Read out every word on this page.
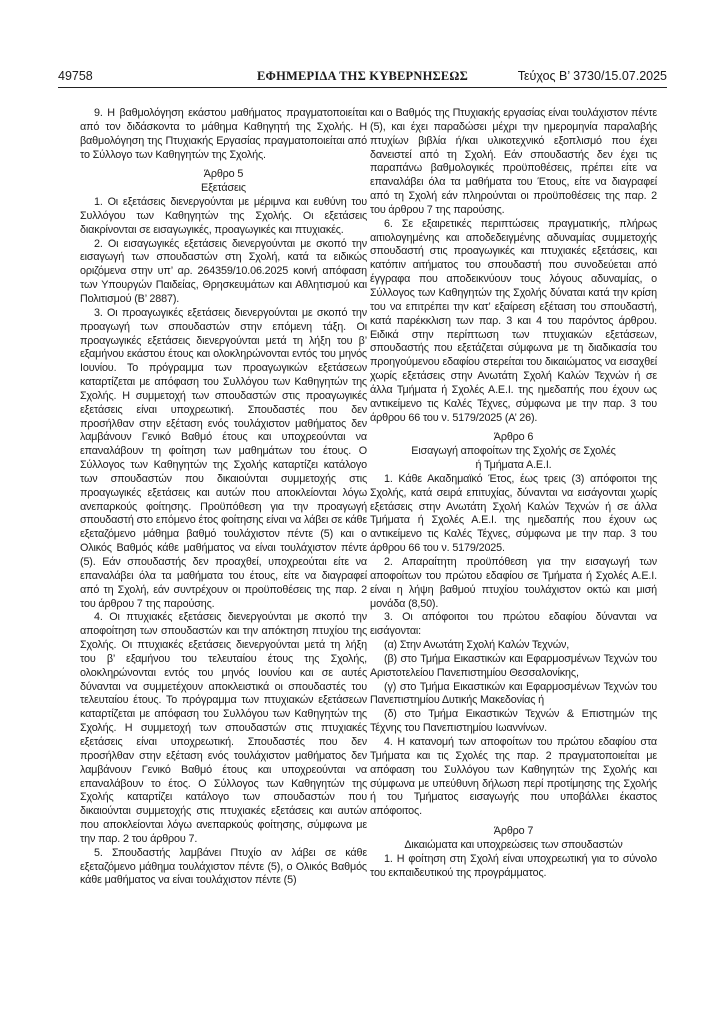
49758	ΕΦΗΜΕΡΙΔΑ ΤΗΣ ΚΥΒΕΡΝΗΣΕΩΣ	Τεύχος Β’ 3730/15.07.2025

9. Η βαθμολόγηση εκάστου μαθήματος πραγματοποιείται από τον διδάσκοντα το μάθημα Καθηγητή της Σχολής. Η βαθμολόγηση της Πτυχιακής Εργασίας πραγματοποιείται από το Σύλλογο των Καθηγητών της Σχολής.

Άρθρο 5

Εξετάσεις

1. Οι εξετάσεις διενεργούνται με μέριμνα και ευθύνη του Συλλόγου των Καθηγητών της Σχολής. Οι εξετάσεις διακρίνονται σε εισαγωγικές, προαγωγικές και πτυχιακές.

2. Οι εισαγωγικές εξετάσεις διενεργούνται με σκοπό την εισαγωγή των σπουδαστών στη Σχολή, κατά τα ειδικώς οριζόμενα στην υπ’ αρ. 264359/10.06.2025 κοινή απόφαση των Υπουργών Παιδείας, Θρησκευμάτων και Αθλητισμού και Πολιτισμού (Β’ 2887).

3. Οι προαγωγικές εξετάσεις διενεργούνται με σκοπό την προαγωγή των σπουδαστών στην επόμενη τάξη. Οι προαγωγικές εξετάσεις διενεργούνται μετά τη λήξη του β’ εξαμήνου εκάστου έτους και ολοκληρώνονται εντός του μηνός Ιουνίου. Το πρόγραμμα των προαγωγικών εξετάσεων καταρτίζεται με απόφαση του Συλλόγου των Καθηγητών της Σχολής. Η συμμετοχή των σπουδαστών στις προαγωγικές εξετάσεις είναι υποχρεωτική. Σπουδαστές που δεν προσήλθαν στην εξέταση ενός τουλάχιστον μαθήματος δεν λαμβάνουν Γενικό Βαθμό έτους και υποχρεούνται να επαναλάβουν τη φοίτηση των μαθημάτων του έτους. Ο Σύλλογος των Καθηγητών της Σχολής καταρτίζει κατάλογο των σπουδαστών που δικαιούνται συμμετοχής στις προαγωγικές εξετάσεις και αυτών που αποκλείονται λόγω ανεπαρκούς φοίτησης. Προϋπόθεση για την προαγωγή σπουδαστή στο επόμενο έτος φοίτησης είναι να λάβει σε κάθε εξεταζόμενο μάθημα βαθμό τουλάχιστον πέντε (5) και ο Ολικός Βαθμός κάθε μαθήματος να είναι τουλάχιστον πέντε (5). Εάν σπουδαστής δεν προαχθεί, υποχρεούται είτε να επαναλάβει όλα τα μαθήματα του έτους, είτε να διαγραφεί από τη Σχολή, εάν συντρέχουν οι προϋποθέσεις της παρ. 2 του άρθρου 7 της παρούσης.

4. Οι πτυχιακές εξετάσεις διενεργούνται με σκοπό την αποφοίτηση των σπουδαστών και την απόκτηση πτυχίου της Σχολής. Οι πτυχιακές εξετάσεις διενεργούνται μετά τη λήξη του β’ εξαμήνου του τελευταίου έτους της Σχολής, ολοκληρώνονται εντός του μηνός Ιουνίου και σε αυτές δύνανται να συμμετέχουν αποκλειστικά οι σπουδαστές του τελευταίου έτους. Το πρόγραμμα των πτυχιακών εξετάσεων καταρτίζεται με απόφαση του Συλλόγου των Καθηγητών της Σχολής. Η συμμετοχή των σπουδαστών στις πτυχιακές εξετάσεις είναι υποχρεωτική. Σπουδαστές που δεν προσήλθαν στην εξέταση ενός τουλάχιστον μαθήματος δεν λαμβάνουν Γενικό Βαθμό έτους και υποχρεούνται να επαναλάβουν το έτος. Ο Σύλλογος των Καθηγητών της Σχολής καταρτίζει κατάλογο των σπουδαστών που δικαιούνται συμμετοχής στις πτυχιακές εξετάσεις και αυτών που αποκλείονται λόγω ανεπαρκούς φοίτησης, σύμφωνα με την παρ. 2 του άρθρου 7.

5. Σπουδαστής λαμβάνει Πτυχίο αν λάβει σε κάθε εξεταζόμενο μάθημα τουλάχιστον πέντε (5), ο Ολικός Βαθμός κάθε μαθήματος να είναι τουλάχιστον πέντε (5)

και ο Βαθμός της Πτυχιακής εργασίας είναι τουλάχιστον πέντε (5), και έχει παραδώσει μέχρι την ημερομηνία παραλαβής πτυχίων βιβλία ή/και υλικοτεχνικό εξοπλισμό που έχει δανειστεί από τη Σχολή. Εάν σπουδαστής δεν έχει τις παραπάνω βαθμολογικές προϋποθέσεις, πρέπει είτε να επαναλάβει όλα τα μαθήματα του Έτους, είτε να διαγραφεί από τη Σχολή εάν πληρούνται οι προϋποθέσεις της παρ. 2 του άρθρου 7 της παρούσης.

6. Σε εξαιρετικές περιπτώσεις πραγματικής, πλήρως αιτιολογημένης και αποδεδειγμένης αδυναμίας συμμετοχής σπουδαστή στις προαγωγικές και πτυχιακές εξετάσεις, και κατόπιν αιτήματος του σπουδαστή που συνοδεύεται από έγγραφα που αποδεικνύουν τους λόγους αδυναμίας, ο Σύλλογος των Καθηγητών της Σχολής δύναται κατά την κρίση του να επιτρέπει την κατ’ εξαίρεση εξέταση του σπουδαστή, κατά παρέκκλιση των παρ. 3 και 4 του παρόντος άρθρου. Ειδικά στην περίπτωση των πτυχιακών εξετάσεων, σπουδαστής που εξετάζεται σύμφωνα με τη διαδικασία του προηγούμενου εδαφίου στερείται του δικαιώματος να εισαχθεί χωρίς εξετάσεις στην Ανωτάτη Σχολή Καλών Τεχνών ή σε άλλα Τμήματα ή Σχολές Α.Ε.Ι. της ημεδαπής που έχουν ως αντικείμενο τις Καλές Τέχνες, σύμφωνα με την παρ. 3 του άρθρου 66 του ν. 5179/2025 (Α’ 26).

Άρθρο 6

Εισαγωγή αποφοίτων της Σχολής σε Σχολές

ή Τμήματα Α.Ε.Ι.

1. Κάθε Ακαδημαϊκό Έτος, έως τρεις (3) απόφοιτοι της Σχολής, κατά σειρά επιτυχίας, δύνανται να εισάγονται χωρίς εξετάσεις στην Ανωτάτη Σχολή Καλών Τεχνών ή σε άλλα Τμήματα ή Σχολές Α.Ε.Ι. της ημεδαπής που έχουν ως αντικείμενο τις Καλές Τέχνες, σύμφωνα με την παρ. 3 του άρθρου 66 του ν. 5179/2025.

2. Απαραίτητη προϋπόθεση για την εισαγωγή των αποφοίτων του πρώτου εδαφίου σε Τμήματα ή Σχολές Α.Ε.Ι. είναι η λήψη βαθμού πτυχίου τουλάχιστον οκτώ και μισή μονάδα (8,50).

3. Οι απόφοιτοι του πρώτου εδαφίου δύνανται να εισάγονται:

(α) Στην Ανωτάτη Σχολή Καλών Τεχνών,

(β) στο Τμήμα Εικαστικών και Εφαρμοσμένων Τεχνών του Αριστοτελείου Πανεπιστημίου Θεσσαλονίκης,

(γ) στο Τμήμα Εικαστικών και Εφαρμοσμένων Τεχνών του Πανεπιστημίου Δυτικής Μακεδονίας ή

(δ) στο Τμήμα Εικαστικών Τεχνών & Επιστημών της Τέχνης του Πανεπιστημίου Ιωαννίνων.

4. Η κατανομή των αποφοίτων του πρώτου εδαφίου στα Τμήματα και τις Σχολές της παρ. 2 πραγματοποιείται με απόφαση του Συλλόγου των Καθηγητών της Σχολής και σύμφωνα με υπεύθυνη δήλωση περί προτίμησης της Σχολής ή του Τμήματος εισαγωγής που υποβάλλει έκαστος απόφοιτος.

Άρθρο 7

Δικαιώματα και υποχρεώσεις των σπουδαστών

1. Η φοίτηση στη Σχολή είναι υποχρεωτική για το σύνολο του εκπαιδευτικού της προγράμματος.
